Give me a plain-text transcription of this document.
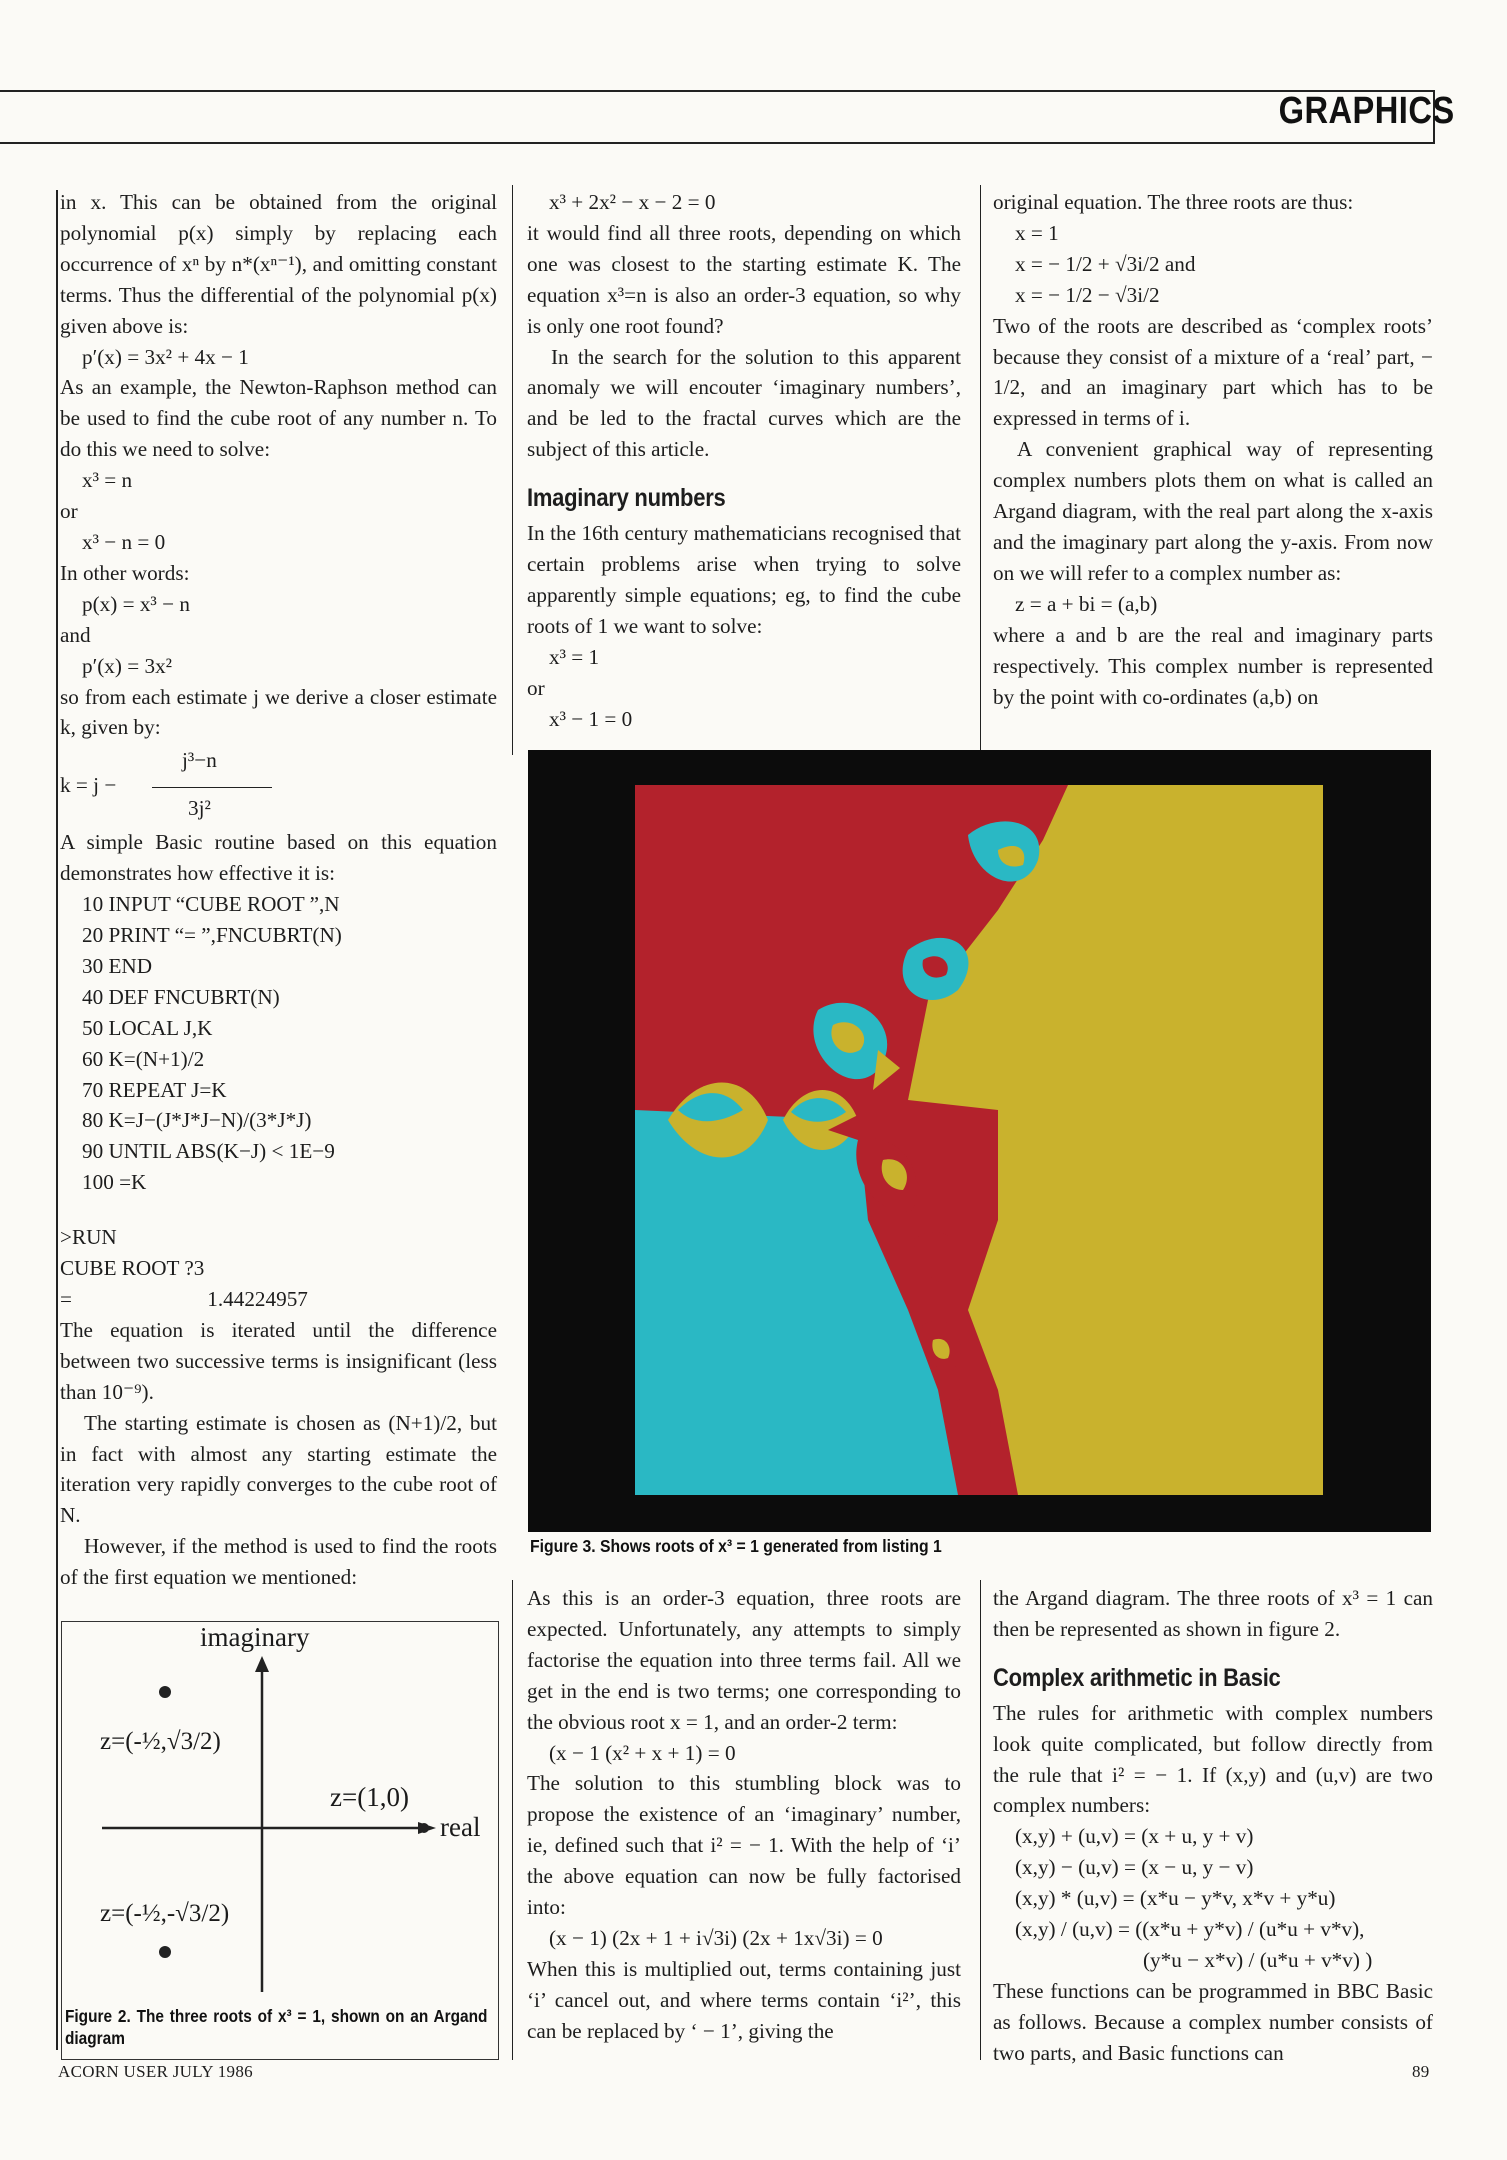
GRAPHICS

in x. This can be obtained from the original polynomial p(x) simply by replacing each occurrence of xⁿ by n*(xⁿ⁻¹), and omitting constant terms. Thus the differential of the polynomial p(x) given above is:

p′(x) = 3x² + 4x − 1

As an example, the Newton-Raphson method can be used to find the cube root of any number n. To do this we need to solve:

x³ = n

or

x³ − n = 0

In other words:

p(x) = x³ − n

and

p′(x) = 3x²

so from each estimate j we derive a closer estimate k, given by:

k = j −
j³−n
3j²

A simple Basic routine based on this equation demonstrates how effective it is:

10 INPUT “CUBE ROOT ”,N

20 PRINT “= ”,FNCUBRT(N)

30 END

40 DEF FNCUBRT(N)

50 LOCAL J,K

60 K=(N+1)/2

70 REPEAT J=K

80 K=J−(J*J*J−N)/(3*J*J)

90 UNTIL ABS(K−J) < 1E−9

100 =K

>RUN

CUBE ROOT ?3

=	1.44224957

The equation is iterated until the difference between two successive terms is insignificant (less than 10⁻⁹).

The starting estimate is chosen as (N+1)/2, but in fact with almost any starting estimate the iteration very rapidly converges to the cube root of N.

However, if the method is used to find the roots of the first equation we mentioned:

x³ + 2x² − x − 2 = 0

it would find all three roots, depending on which one was closest to the starting estimate K. The equation x³=n is also an order-3 equation, so why is only one root found?

In the search for the solution to this apparent anomaly we will encouter ‘imaginary numbers’, and be led to the fractal curves which are the subject of this article.

Imaginary numbers

In the 16th century mathematicians recognised that certain problems arise when trying to solve apparently simple equations; eg, to find the cube roots of 1 we want to solve:

x³ = 1

or

x³ − 1 = 0

original equation. The three roots are thus:

x = 1

x = − 1/2 + √3i/2 and

x = − 1/2 − √3i/2

Two of the roots are described as ‘complex roots’ because they consist of a mixture of a ‘real’ part, − 1/2, and an imaginary part which has to be expressed in terms of i.

A convenient graphical way of representing complex numbers plots them on what is called an Argand diagram, with the real part along the x-axis and the imaginary part along the y-axis. From now on we will refer to a complex number as:

z = a + bi = (a,b)

where a and b are the real and imaginary parts respectively. This complex number is represented by the point with co-ordinates (a,b) on

Figure 3. Shows roots of x³ = 1 generated from listing 1
imaginary
real
z=(1,0)
z=(-½,√3/2)
z=(-½,-√3/2)
Figure 2. The three roots of x³ = 1, shown on an Argand diagram

As this is an order-3 equation, three roots are expected. Unfortunately, any attempts to simply factorise the equation into three terms fail. All we get in the end is two terms; one corresponding to the obvious root x = 1, and an order-2 term:

(x − 1 (x² + x + 1) = 0

The solution to this stumbling block was to propose the existence of an ‘imaginary’ number, ie, defined such that i² = − 1. With the help of ‘i’ the above equation can now be fully factorised into:

(x − 1) (2x + 1 + i√3i) (2x + 1x√3i) = 0

When this is multiplied out, terms containing just ‘i’ cancel out, and where terms contain ‘i²’, this can be replaced by ‘ − 1’, giving the

the Argand diagram. The three roots of x³ = 1 can then be represented as shown in figure 2.

Complex arithmetic in Basic

The rules for arithmetic with complex numbers look quite complicated, but follow directly from the rule that i² = − 1. If (x,y) and (u,v) are two complex numbers:

(x,y) + (u,v) = (x + u, y + v)

(x,y) − (u,v) = (x − u, y − v)

(x,y) * (u,v) = (x*u − y*v, x*v + y*u)

(x,y) / (u,v) = ((x*u + y*v) / (u*u + v*v),

(y*u − x*v) / (u*u + v*v) )

These functions can be programmed in BBC Basic as follows. Because a complex number consists of two parts, and Basic functions can

ACORN USER JULY 1986	89
